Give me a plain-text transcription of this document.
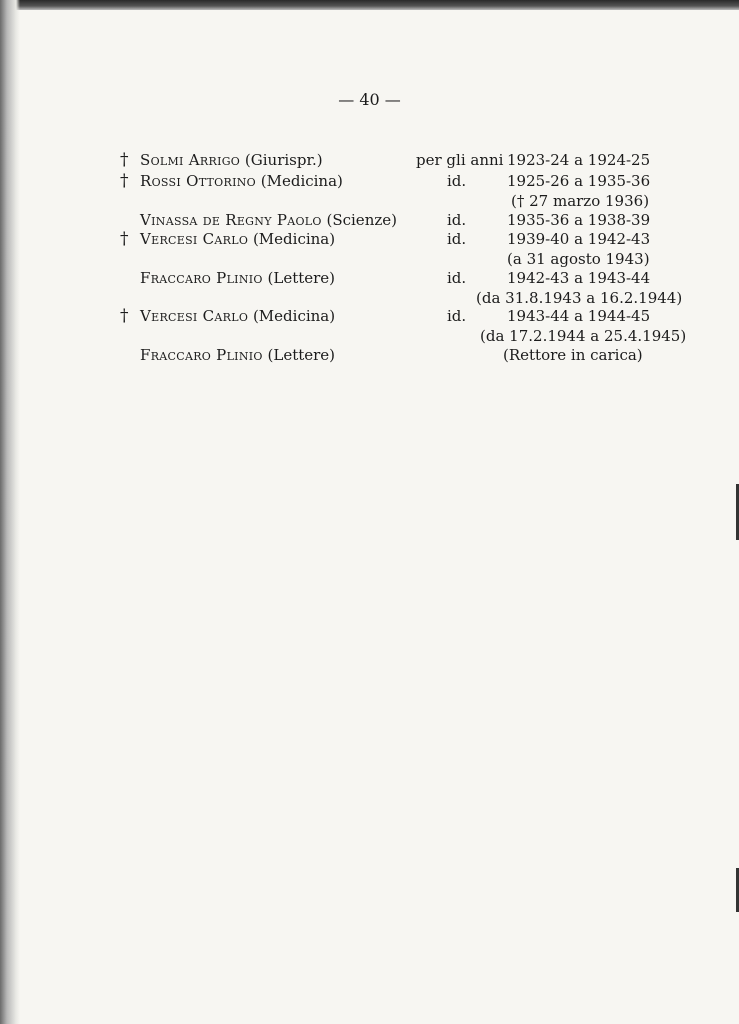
— 40 —
† Solmi Arrigo (Giurispr.)	per gli anni 1923-24 a 1924-25
† Rossi Ottorino (Medicina)	id.	1925-26 a 1935-36
(† 27 marzo 1936)
Vinassa de Regny Paolo (Scienze)	id.	1935-36 a 1938-39
† Vercesi Carlo (Medicina)	id.	1939-40 a 1942-43
(a 31 agosto 1943)
Fraccaro Plinio (Lettere)	id.	1942-43 a 1943-44
(da 31.8.1943 a 16.2.1944)
† Vercesi Carlo (Medicina)	id.	1943-44 a 1944-45
(da 17.2.1944 a 25.4.1945)
Fraccaro Plinio (Lettere)	(Rettore in carica)
